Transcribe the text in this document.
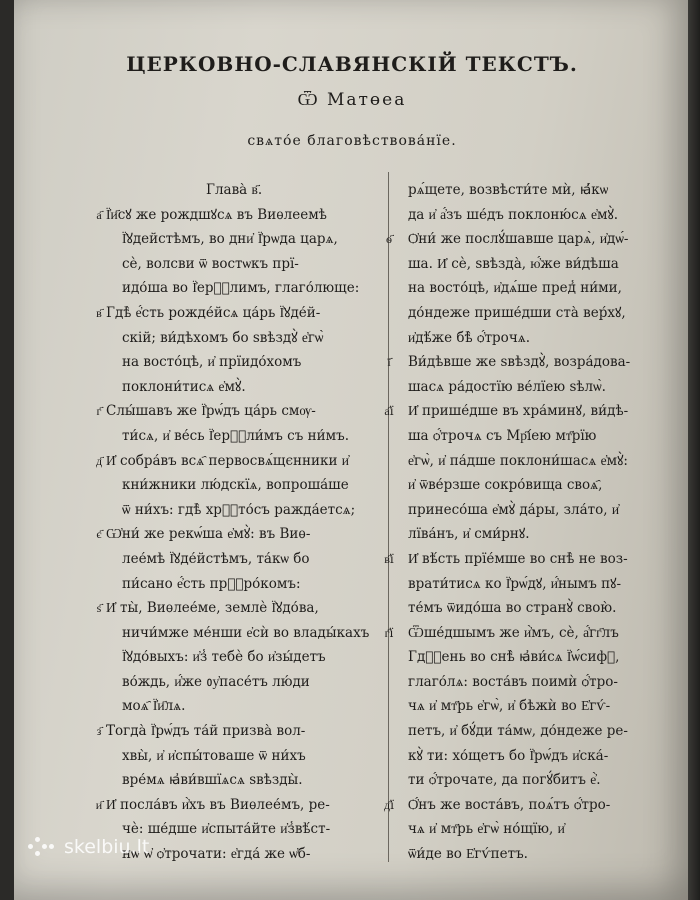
ЦЕРКОВНО-СЛАВЯНСКІЙ ТЕКСТЪ.
Ѿ Матөеа
свѧто́е благовѣствова́нїе.
Глава̀ в҃.
а҃ Ї҆и҃сꙋ же рождшꙋсѧ въ Виѳлеемѣ
Ї҆ꙋдейстѣмъ, во дни҆ Ї҆рѡда царѧ,
сѐ, волсви ѿ востѡкъ прї-
идо́ша во Ї҆ерⷭ҇лимъ, глаго́люще:
в҃ Гдѣ̀ е҆́сть рожде́йсѧ ца́рь Ї҆ꙋде́й-
скій; ви́дѣхомъ бо ѕвѣздꙋ̀ е҆гѡ̀
на восто́цѣ, и҆ прїидо́хомъ
поклони́тисѧ е҆мꙋ̀.
г҃ Слы́шавъ же Ї҆рѡ́дъ ца́рь смѹ-
ти́сѧ, и҆ ве́сь Ї҆ерⷭ҇ли́мъ съ ни́мъ.
д҃ И҆ собра́въ всѧ҄ первосвѧ́щєнники и҆
кни́жники лю́дскїѧ, вопроша́ше
ѿ ни́хъ: гдѣ̀ хрⷭ҇то́съ ражда́етсѧ;
є҃ Ѡ҆ни́ же рекѡ́ша е҆мꙋ̀: въ Виѳ-
лее́мѣ Ї҆ꙋде́йстѣмъ, та́кѡ бо
пи́сано е҆́сть прⷪ҇ро́комъ:
ѕ҃ И҆ ты̀, Виѳлее́ме, землѐ Ї҆ꙋдо́ва,
ничи́мже ме́нши е҆сѝ во влады́кахъ
Ї҆ꙋдо́выхъ: и҆з̾ тебѐ бо и҆зы́детъ
во́ждь, и҆́же ᲂу҆пасе́тъ лю́ди
моѧ҄ Ї҆и҃лѧ.
з҃ Тогда̀ Ї҆рѡ́дъ та́й призва̀ вол-
хвы̀, и҆ и҆спы́товаше ѿ ни́хъ
вре́мѧ ꙗ҆ви́вшїѧсѧ ѕвѣзды̀.
и҃ И҆ посла́въ и҆̀хъ въ Виѳлее́мъ, ре-
чѐ: ше́дше и҆спыта́йте и҆з̾вѣ́ст-
нѡ ѡ҆ ѻ҆трочати: е҆гда́ же ѡ҆б-
рѧ́щете, возвѣсти́те мѝ, ꙗ҆́кѡ
да и҆ а҆́зъ ше́дъ поклоню́сѧ е҆мꙋ̀.
ѳ҃	Ѻ҆ни́ же послꙋ́шавше царѧ̀, и҆дѡ́-
ша. И҆ сѐ, ѕвѣзда̀, ю҆́же ви́дѣша
на восто́цѣ, и҆дѧ́ше пред̾ ни́ми,
до́ндеже прише́дши ста̀ вер́хꙋ,
и҆дѣ́же бѣ̀ ѻ҆́трочѧ.
ї҃	Ви́дѣвше же ѕвѣздꙋ̀, возра́дова-
шасѧ ра́достїю ве́лїею ѕѣлѡ̀.
а҃ї	И҆ прише́дше въ хра́минꙋ, ви́дѣ-
ша ѻ҆́трочѧ съ Мр҃і́ею мт҃рїю
е҆гѡ̀, и҆ па́дше поклони́шасѧ е҆мꙋ̀:
и҆ ѿве́рзше сокро́вища своѧ҄,
принесо́ша е҆мꙋ̀ да́ры, зла́то, и҆
лїва́нъ, и҆ сми́рнꙋ.
в҃ї	И҆ вѣ́сть прїе́мше во снѣ̀ не воз-
врати́тисѧ ко Ї҆рѡ́дꙋ, и҆́нымъ пꙋ-
те́мъ ѿидо́ша во странꙋ̀ свою̀.
г҃ї	Ѿше́дшымъ же и҆̀мъ, сѐ, а҆́гг҃лъ
Гдⷭ҇ень во снѣ̀ ꙗ҆ви́сѧ Ї҆ѡ́сифꙋ,
глаго́лѧ: воста́въ поимѝ ѻ҆́тро-
чѧ и҆ мт҃рь е҆гѡ̀, и҆ бѣжѝ во Е҆гѵ́-
петъ, и҆ бꙋ́ди та́мѡ, до́ндеже ре-
кꙋ̀ ти: хо́щетъ бо Ї҆рѡ́дъ и҆ска́-
ти ѻ҆́трочате, да погꙋ́битъ е҆̀.
д҃ї	Ѻ҆́нъ же воста́въ, поѧ́тъ ѻ҆́тро-
чѧ и҆ мт҃рь е҆гѡ̀ но́щїю, и҆
ѿи́де во Е҆гѵ́петъ.
skelbiu.lt
